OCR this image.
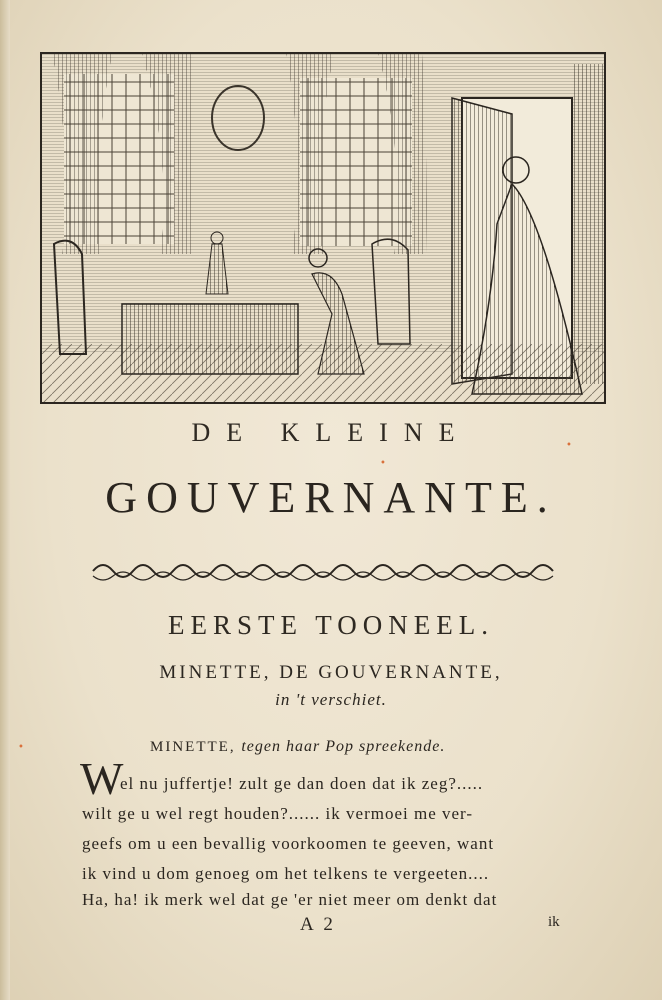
DE KLEINE
GOUVERNANTE.
EERSTE TOONEEL.
MINETTE, DE GOUVERNANTE,
in 't verschiet.
MINETTE, tegen haar Pop spreekende.
W
el nu juffertje! zult ge dan doen dat ik zeg?.....
wilt ge u wel regt houden?...... ik vermoei me ver-
geefs om u een bevallig voorkoomen te geeven, want
ik vind u dom genoeg om het telkens te vergeeten....
Ha, ha! ik merk wel dat ge 'er niet meer om denkt dat
A 2	ik
•
•
•
